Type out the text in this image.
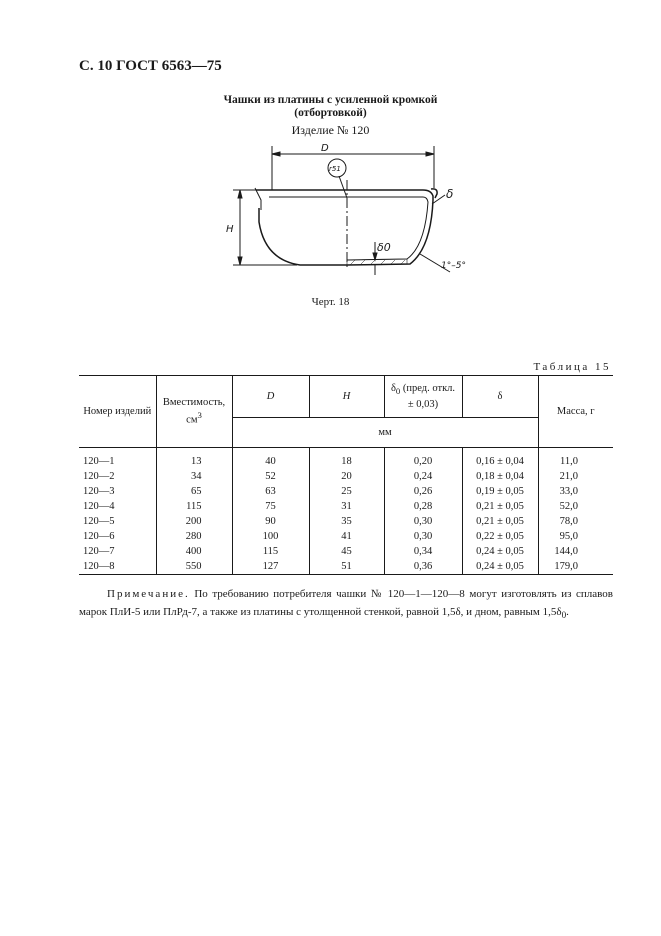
С. 10 ГОСТ 6563—75
Чашки из платины с усиленной кромкой
(отбортовкой)
Изделие № 120
D
H
r51
δ
δ0
1°–5°
Черт. 18
Таблица 15
Номер изделий	Вместимость,
$см^3$	D	H	$\delta_0$ (пред. откл. ± 0,03)	δ	Масса, г
		мм				
120—1	13	40	18	0,20	0,16 ± 0,04	11,0
120—2	34	52	20	0,24	0,18 ± 0,04	21,0
120—3	65	63	25	0,26	0,19 ± 0,05	33,0
120—4	115	75	31	0,28	0,21 ± 0,05	52,0
120—5	200	90	35	0,30	0,21 ± 0,05	78,0
120—6	280	100	41	0,30	0,22 ± 0,05	95,0
120—7	400	115	45	0,34	0,24 ± 0,05	144,0
120—8	550	127	51	0,36	0,24 ± 0,05	179,0
Примечание. По требованию потребителя чашки № 120—1—120—8 могут изготовлять из сплавов марок ПлИ-5 или ПлРд-7, а также из платины с утолщенной стенкой, равной 1,5δ, и дном, равным $1,5\delta_0$.
